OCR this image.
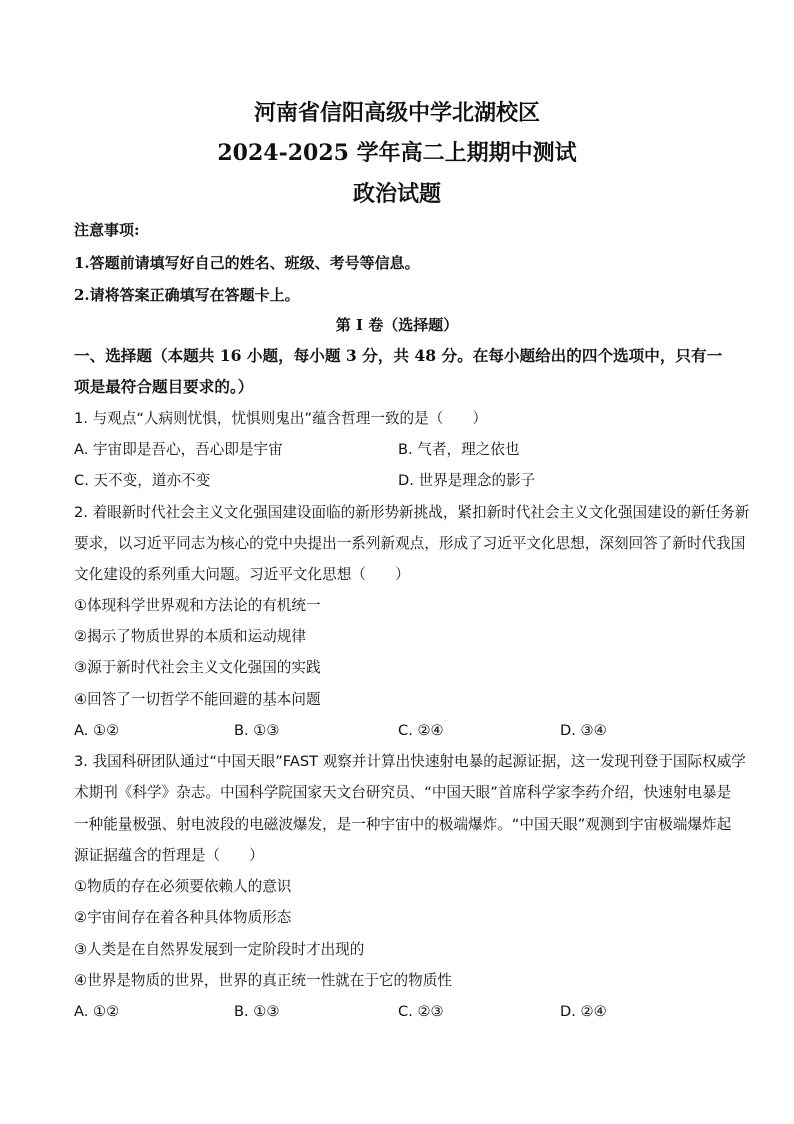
河南省信阳高级中学北湖校区
2024-2025 学年高二上期期中测试
政治试题
注意事项:
1.答题前请填写好自己的姓名、班级、考号等信息。
2.请将答案正确填写在答题卡上。
第 I 卷（选择题）
一、选择题（本题共 16 小题，每小题 3 分，共 48 分。在每小题给出的四个选项中，只有一
项是最符合题目要求的。）
1. 与观点“人病则忧惧，忧惧则鬼出”蕴含哲理一致的是（　　）
A. 宇宙即是吾心，吾心即是宇宙	B. 气者，理之依也
C. 天不变，道亦不变	D. 世界是理念的影子
2. 着眼新时代社会主义文化强国建设面临的新形势新挑战，紧扣新时代社会主义文化强国建设的新任务新
要求，以习近平同志为核心的党中央提出一系列新观点，形成了习近平文化思想，深刻回答了新时代我国
文化建设的系列重大问题。习近平文化思想（　　）
①体现科学世界观和方法论的有机统一
②揭示了物质世界的本质和运动规律
③源于新时代社会主义文化强国的实践
④回答了一切哲学不能回避的基本问题
A. ①②	B. ①③	C. ②④	D. ③④
3. 我国科研团队通过“中国天眼”FAST 观察并计算出快速射电暴的起源证据，这一发现刊登于国际权威学
术期刊《科学》杂志。中国科学院国家天文台研究员、“中国天眼”首席科学家李药介绍，快速射电暴是
一种能量极强、射电波段的电磁波爆发，是一种宇宙中的极端爆炸。“中国天眼”观测到宇宙极端爆炸起
源证据蕴含的哲理是（　　）
①物质的存在必须要依赖人的意识
②宇宙间存在着各种具体物质形态
③人类是在自然界发展到一定阶段时才出现的
④世界是物质的世界，世界的真正统一性就在于它的物质性
A. ①②	B. ①③	C. ②③	D. ②④
